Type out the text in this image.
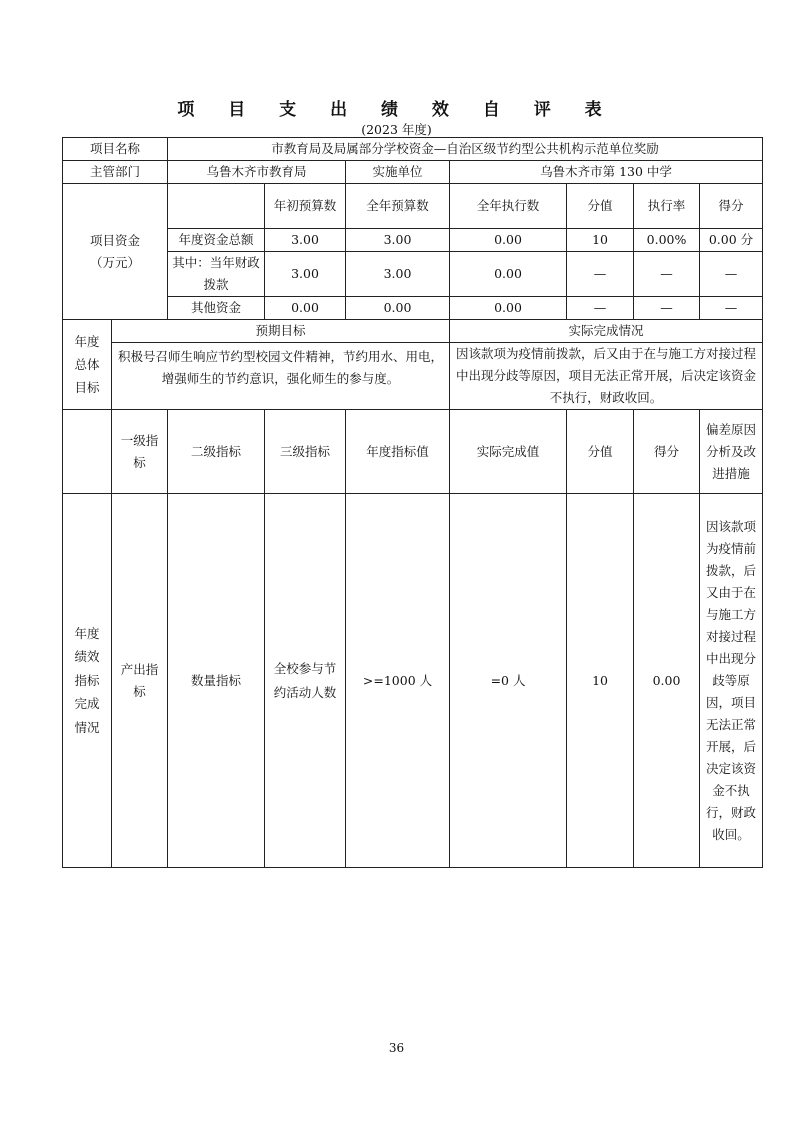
项 目 支 出 绩 效 自 评 表
(2023 年度)
项目名称		市教育局及局属部分学校资金—自治区级节约型公共机构示范单位奖励						
主管部门		乌鲁木齐市教育局		实施单位	乌鲁木齐市第 130 中学			
项目资金
（万元）			年初预算数	全年预算数	全年执行数	分值	执行率	得分
		年度资金总额	3.00	3.00	0.00	10	0.00%	0.00 分
		其中：当年财政拨款	3.00	3.00	0.00	—	—	—
		其他资金	0.00	0.00	0.00	—	—	—
年度总体目标	预期目标				实际完成情况			
	积极号召师生响应节约型校园文件精神，节约用水、用电，增强师生的节约意识，强化师生的参与度。				因该款项为疫情前拨款，后又由于在与施工方对接过程中出现分歧等原因，项目无法正常开展，后决定该资金不执行，财政收回。			
	一级指标	二级指标	三级指标	年度指标值	实际完成值	分值	得分	偏差原因分析及改进措施
年度绩效指标完成情况	产出指标	数量指标	全校参与节约活动人数	>=1000 人	=0 人	10	0.00	因该款项为疫情前拨款，后又由于在与施工方对接过程中出现分歧等原因，项目无法正常开展，后决定该资金不执行，财政收回。
36
